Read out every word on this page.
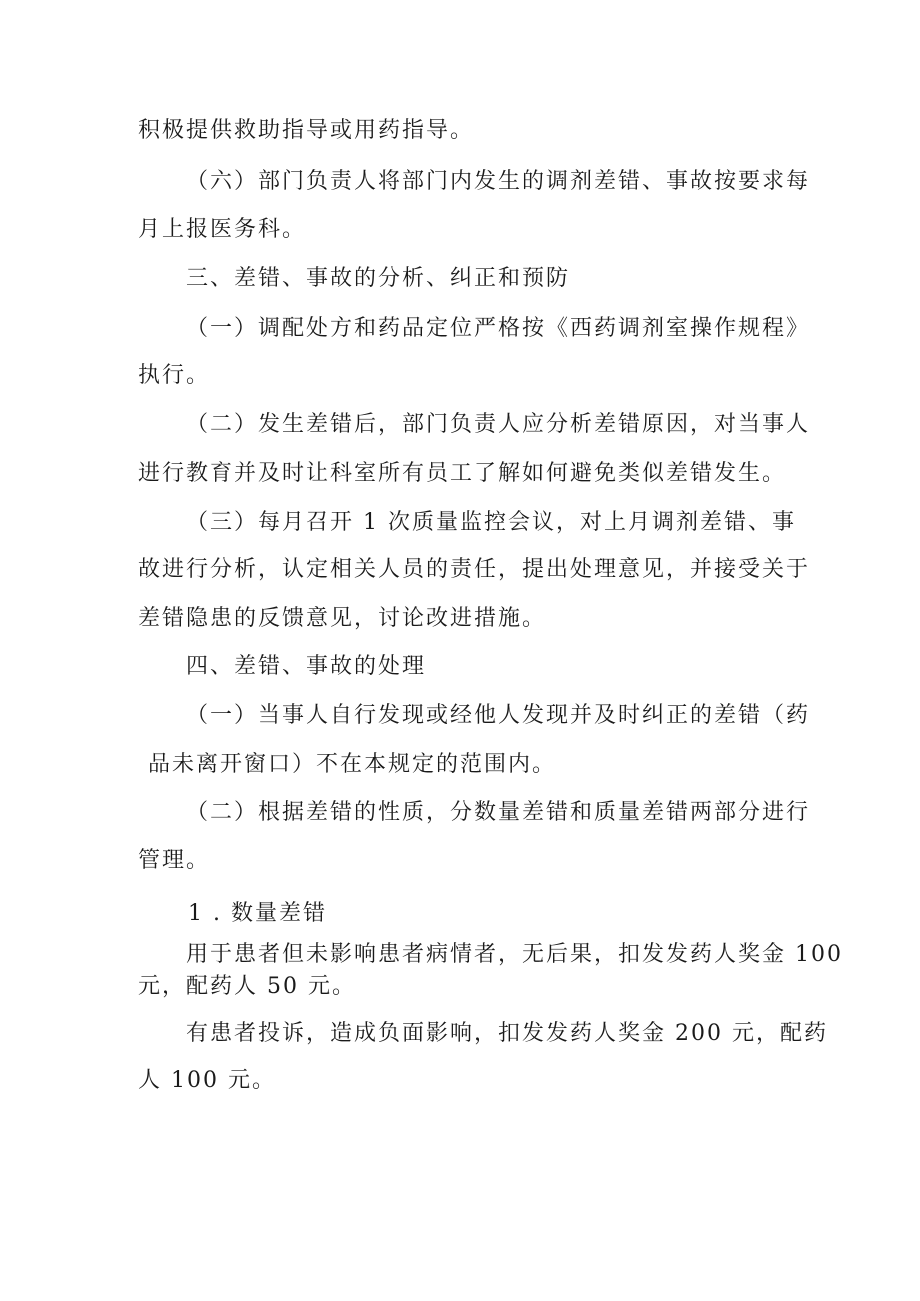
积极提供救助指导或用药指导。
（六）部门负责人将部门内发生的调剂差错、事故按要求每
月上报医务科。
三、差错、事故的分析、纠正和预防
（一）调配处方和药品定位严格按《西药调剂室操作规程》
执行。
（二）发生差错后，部门负责人应分析差错原因，对当事人
进行教育并及时让科室所有员工了解如何避免类似差错发生。
（三）每月召开 1 次质量监控会议，对上月调剂差错、事
故进行分析，认定相关人员的责任，提出处理意见，并接受关于
差错隐患的反馈意见，讨论改进措施。
四、差错、事故的处理
（一）当事人自行发现或经他人发现并及时纠正的差错（药
品未离开窗口）不在本规定的范围内。
（二）根据差错的性质，分数量差错和质量差错两部分进行
管理。
1 . 数量差错
用于患者但未影响患者病情者，无后果，扣发发药人奖金 100
元，配药人 50 元。
有患者投诉，造成负面影响，扣发发药人奖金 200 元，配药
人 100 元。
